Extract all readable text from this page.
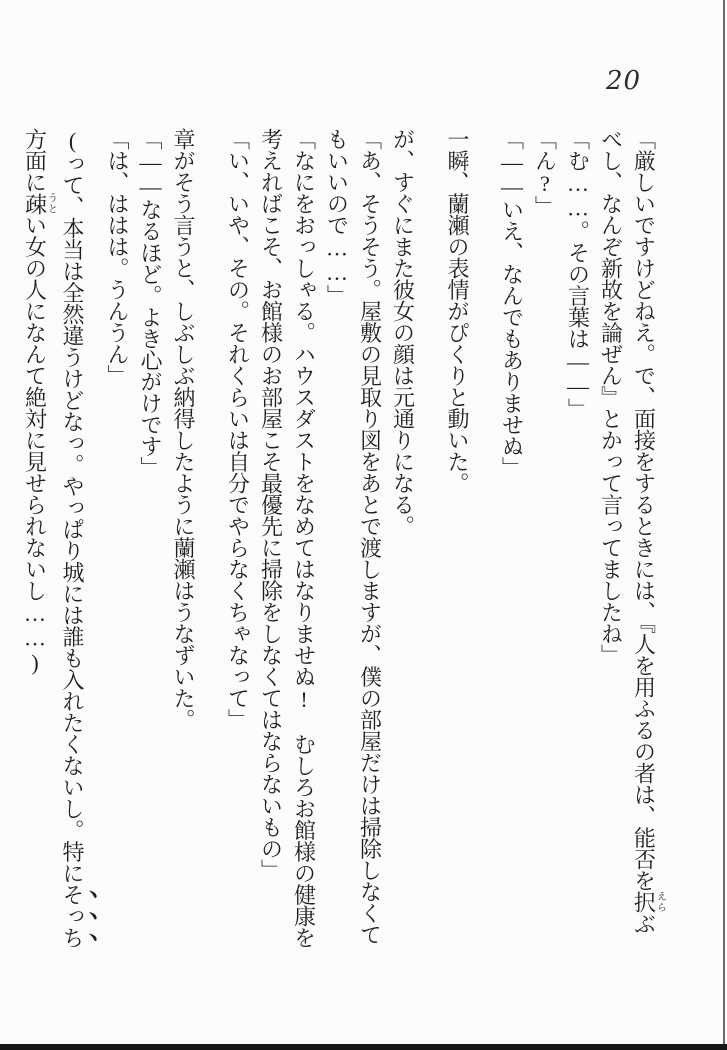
20

「厳しいですけどねえ。で、面接をするときには、『人を用ふるの者は、能否を択えらぶ

べし、なんぞ新故を論ぜん』とかって言ってましたね」

「む……。その言葉は――」

「ん?」

「――いえ、なんでもありませぬ」

一瞬、蘭瀬の表情がぴくりと動いた。

が、すぐにまた彼女の顔は元通りになる。

「あ、そうそう。屋敷の見取り図をあとで渡しますが、僕の部屋だけは掃除しなくて

もいいので……」

「なにをおっしゃる。ハウスダストをなめてはなりませぬ!　むしろお館様の健康を

考えればこそ、お館様のお部屋こそ最優先に掃除をしなくてはならないもの」

「い、いや、その。それくらいは自分でやらなくちゃなって」

章がそう言うと、しぶしぶ納得したように蘭瀬はうなずいた。

「――なるほど。よき心がけです」

「は、ははは。うんうん」

(って、本当は全然違うけどなっ。やっぱり城には誰も入れたくないし。特にそっち

方面に疎うとい女の人になんて絶対に見せられないし……)
